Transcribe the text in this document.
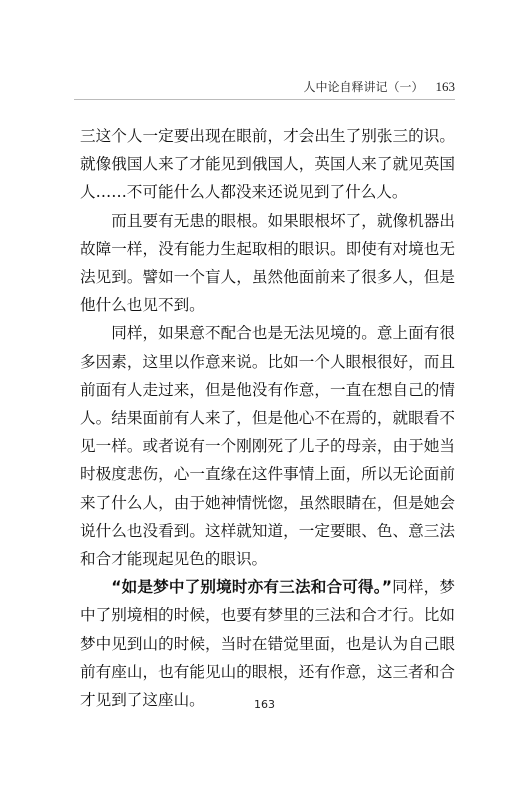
人中论自释讲记（一） 163

三这个人一定要出现在眼前，才会出生了别张三的识。就像俄国人来了才能见到俄国人，英国人来了就见英国人……不可能什么人都没来还说见到了什么人。

而且要有无患的眼根。如果眼根坏了，就像机器出故障一样，没有能力生起取相的眼识。即使有对境也无法见到。譬如一个盲人，虽然他面前来了很多人，但是他什么也见不到。

同样，如果意不配合也是无法见境的。意上面有很多因素，这里以作意来说。比如一个人眼根很好，而且前面有人走过来，但是他没有作意，一直在想自己的情人。结果面前有人来了，但是他心不在焉的，就眼看不见一样。或者说有一个刚刚死了儿子的母亲，由于她当时极度悲伤，心一直缘在这件事情上面，所以无论面前来了什么人，由于她神情恍惚，虽然眼睛在，但是她会说什么也没看到。这样就知道，一定要眼、色、意三法和合才能现起见色的眼识。

“如是梦中了别境时亦有三法和合可得。”同样，梦中了别境相的时候，也要有梦里的三法和合才行。比如梦中见到山的时候，当时在错觉里面，也是认为自己眼前有座山，也有能见山的眼根，还有作意，这三者和合才见到了这座山。	163
